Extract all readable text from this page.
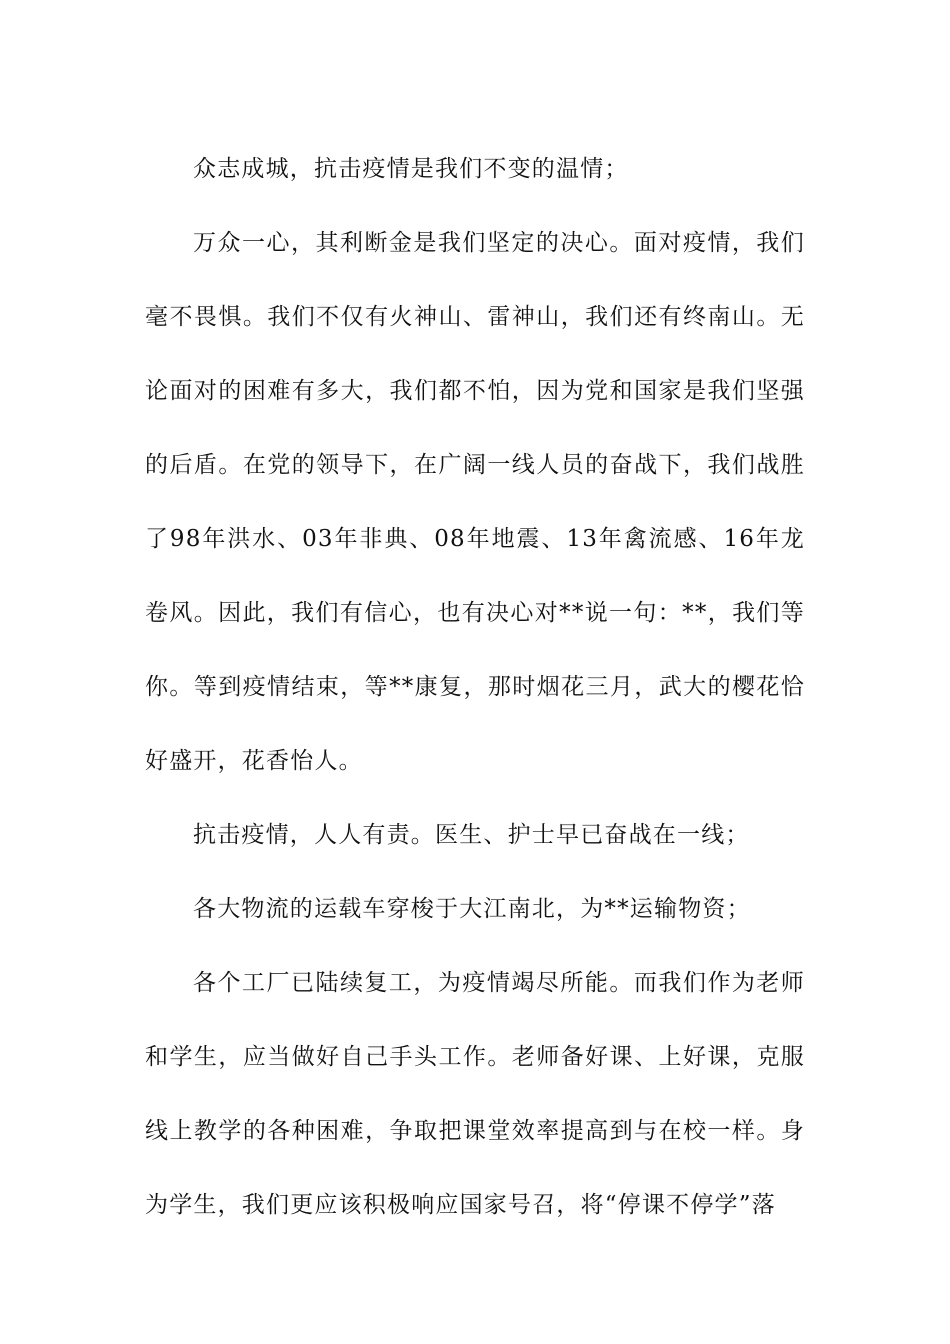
众志成城，抗击疫情是我们不变的温情；

万众一心，其利断金是我们坚定的决心。面对疫情，我们毫不畏惧。我们不仅有火神山、雷神山，我们还有终南山。无论面对的困难有多大，我们都不怕，因为党和国家是我们坚强的后盾。在党的领导下，在广阔一线人员的奋战下，我们战胜了98年洪水、03年非典、08年地震、13年禽流感、16年龙卷风。因此，我们有信心，也有决心对**说一句：**，我们等你。等到疫情结束，等**康复，那时烟花三月，武大的樱花恰好盛开，花香怡人。

抗击疫情，人人有责。医生、护士早已奋战在一线；

各大物流的运载车穿梭于大江南北，为**运输物资；

各个工厂已陆续复工，为疫情竭尽所能。而我们作为老师和学生，应当做好自己手头工作。老师备好课、上好课，克服线上教学的各种困难，争取把课堂效率提高到与在校一样。身为学生，我们更应该积极响应国家号召，将“停课不停学”落
